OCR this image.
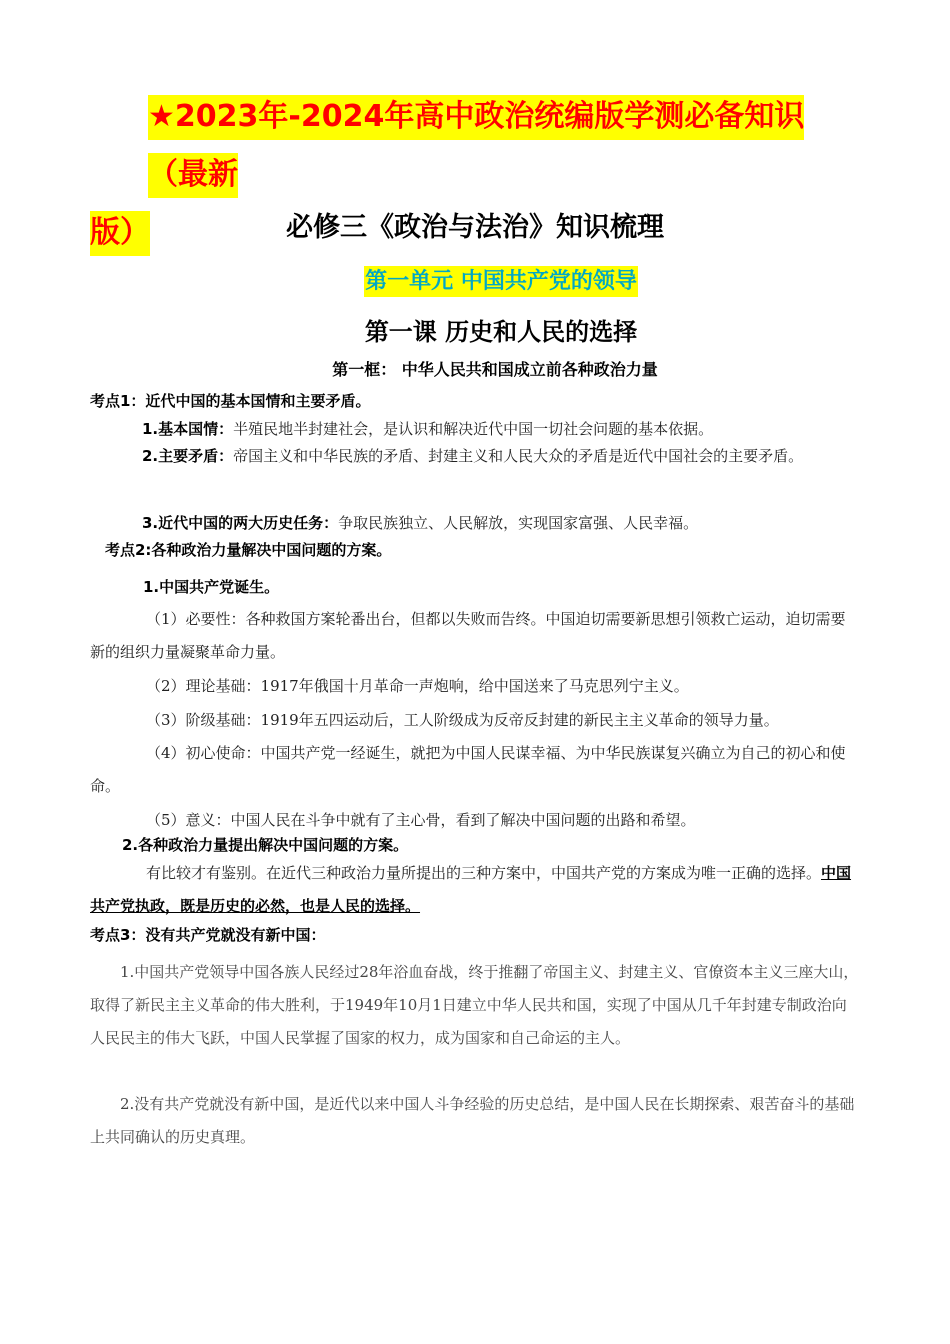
★2023年-2024年高中政治统编版学测必备知识（最新
版）	必修三《政治与法治》知识梳理
第一单元 中国共产党的领导
第一课 历史和人民的选择
第一框： 中华人民共和国成立前各种政治力量
考点1：近代中国的基本国情和主要矛盾。
1.基本国情：半殖民地半封建社会，是认识和解决近代中国一切社会问题的基本依据。
2.主要矛盾：帝国主义和中华民族的矛盾、封建主义和人民大众的矛盾是近代中国社会的主要矛盾。
3.近代中国的两大历史任务：争取民族独立、人民解放，实现国家富强、人民幸福。
考点2:各种政治力量解决中国问题的方案。
1.中国共产党诞生。
（1）必要性：各种救国方案轮番出台，但都以失败而告终。中国迫切需要新思想引领救亡运动，迫切需要新的组织力量凝聚革命力量。
（2）理论基础：1917年俄国十月革命一声炮响，给中国送来了马克思列宁主义。
（3）阶级基础：1919年五四运动后，工人阶级成为反帝反封建的新民主主义革命的领导力量。
（4）初心使命：中国共产党一经诞生，就把为中国人民谋幸福、为中华民族谋复兴确立为自己的初心和使命。
（5）意义：中国人民在斗争中就有了主心骨，看到了解决中国问题的出路和希望。
2.各种政治力量提出解决中国问题的方案。
有比较才有鉴别。在近代三种政治力量所提出的三种方案中，中国共产党的方案成为唯一正确的选择。中国共产党执政，既是历史的必然，也是人民的选择。
考点3：没有共产党就没有新中国：
1.中国共产党领导中国各族人民经过28年浴血奋战，终于推翻了帝国主义、封建主义、官僚资本主义三座大山，取得了新民主主义革命的伟大胜利，于1949年10月1日建立中华人民共和国，实现了中国从几千年封建专制政治向人民民主的伟大飞跃，中国人民掌握了国家的权力，成为国家和自己命运的主人。
2.没有共产党就没有新中国，是近代以来中国人斗争经验的历史总结，是中国人民在长期探索、艰苦奋斗的基础上共同确认的历史真理。
